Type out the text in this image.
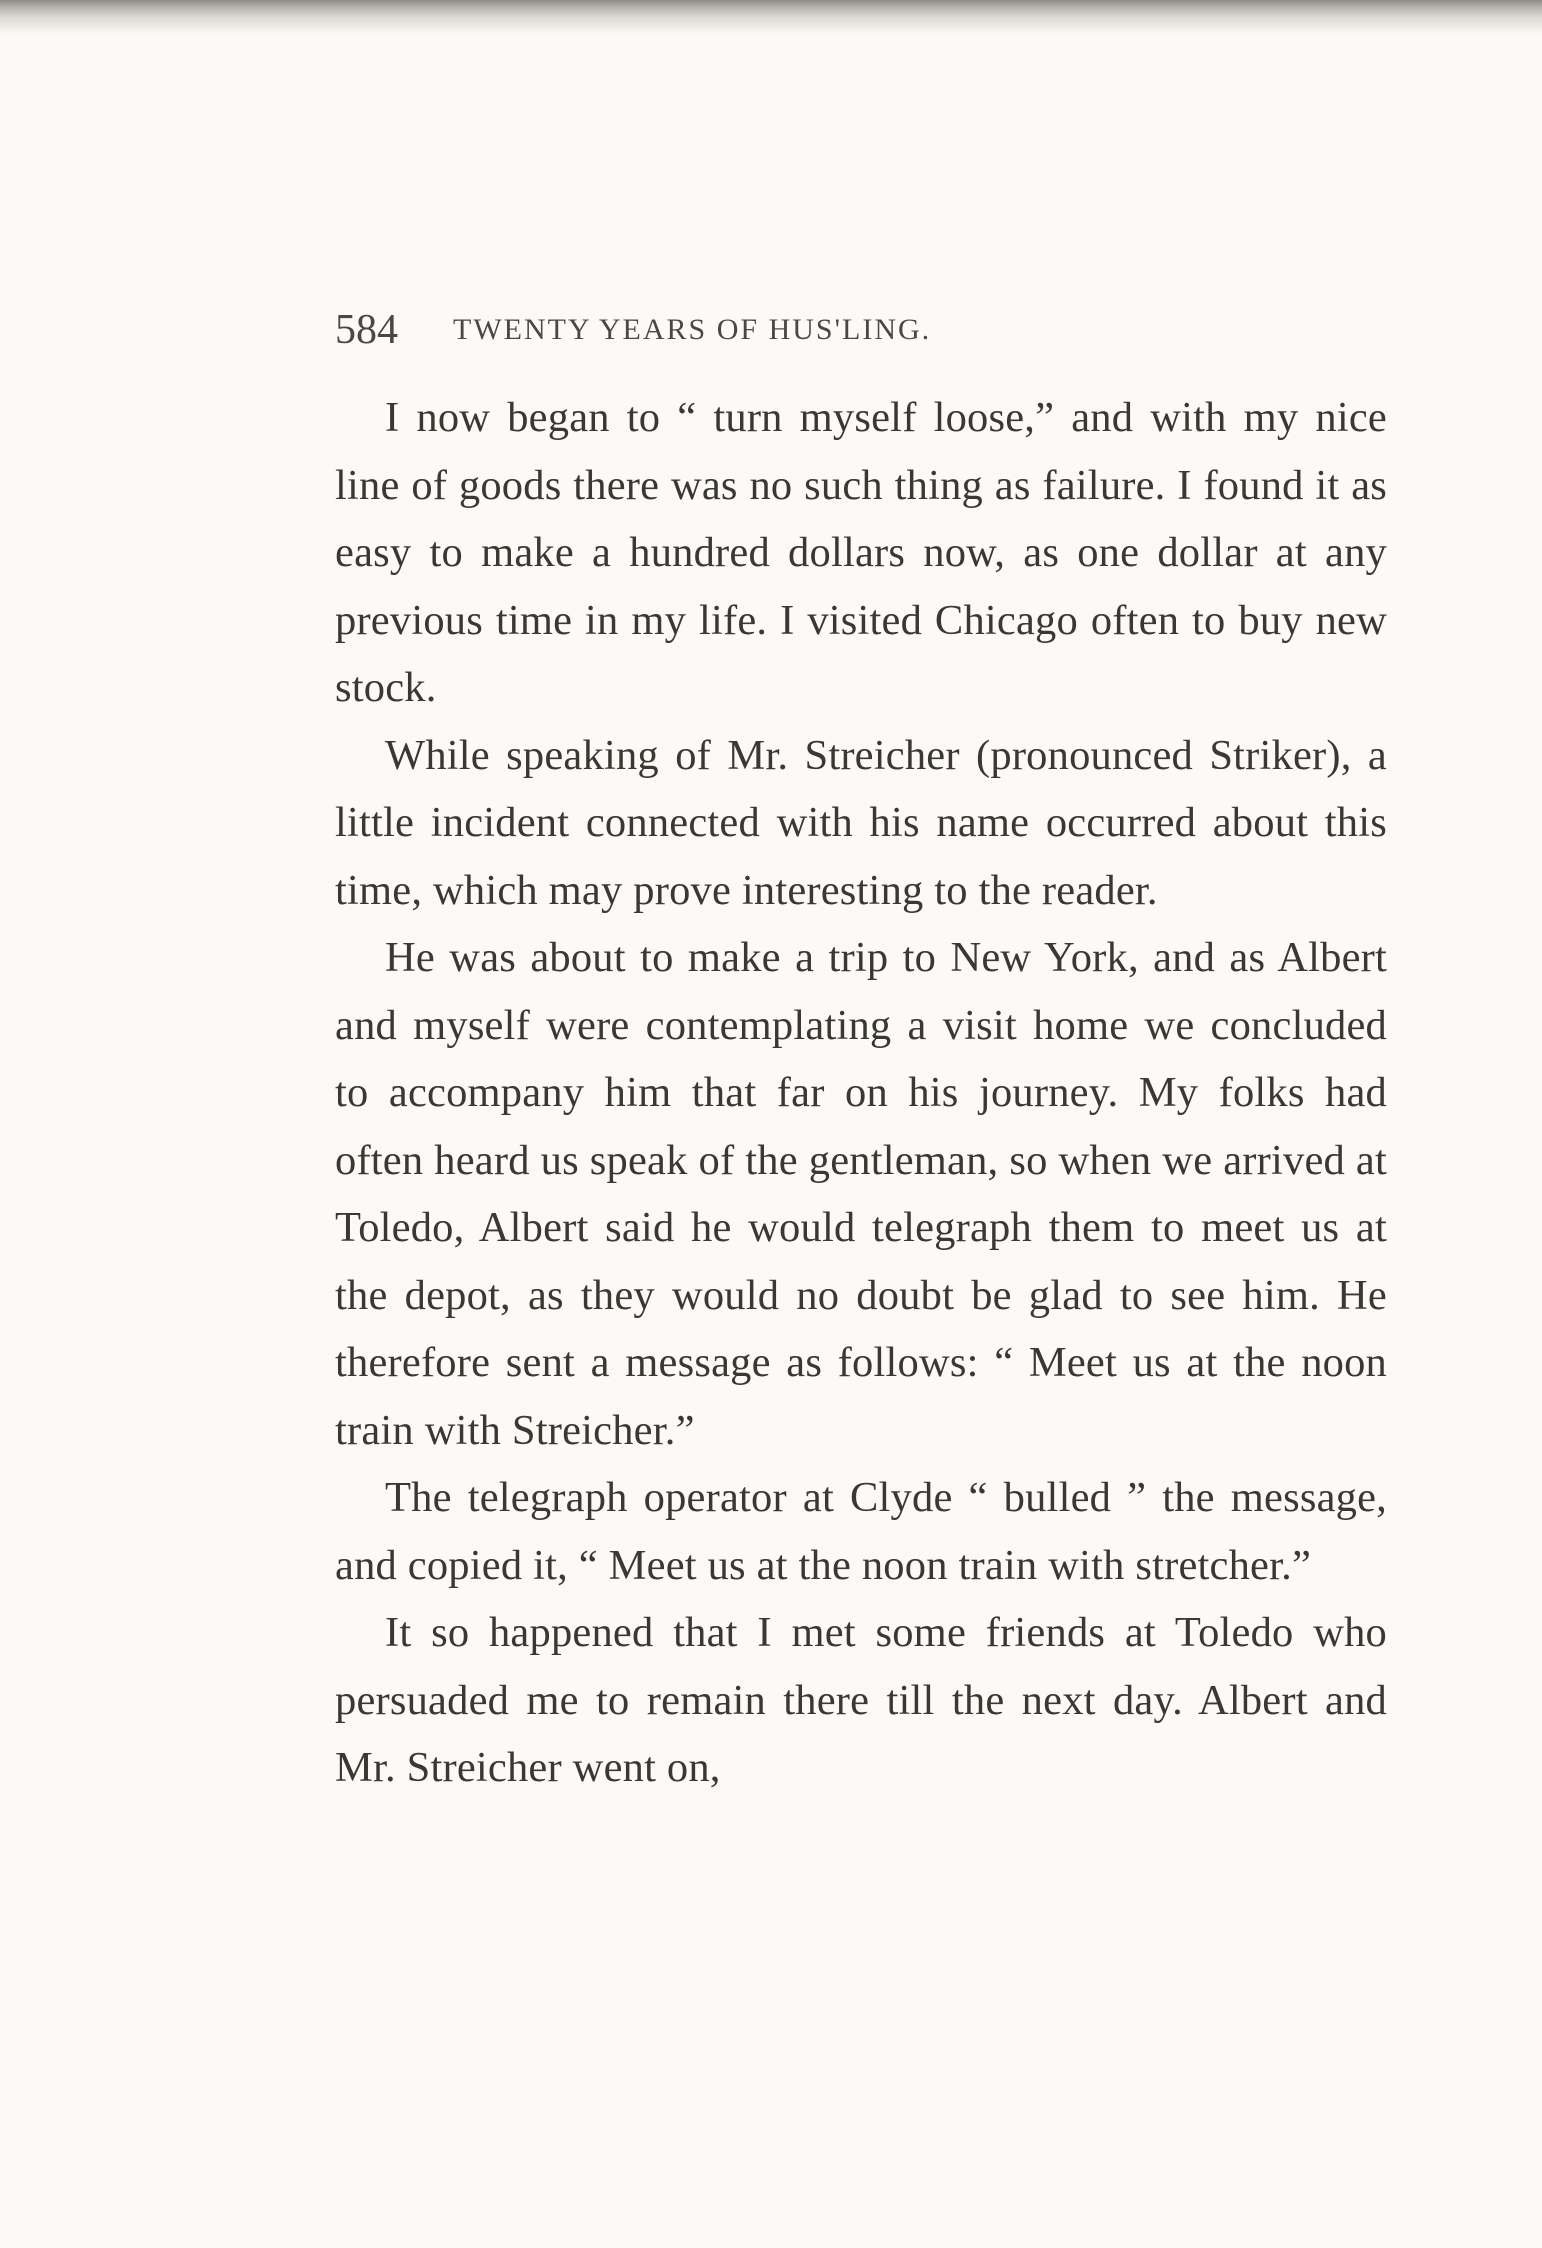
584 TWENTY YEARS OF HUS'LING.

I now began to “ turn myself loose,” and with my nice line of goods there was no such thing as failure. I found it as easy to make a hundred dollars now, as one dollar at any previous time in my life. I visited Chicago often to buy new stock.

While speaking of Mr. Streicher (pronounced Striker), a little incident connected with his name occurred about this time, which may prove interesting to the reader.

He was about to make a trip to New York, and as Albert and myself were contemplating a visit home we concluded to accompany him that far on his journey. My folks had often heard us speak of the gentleman, so when we arrived at Toledo, Albert said he would telegraph them to meet us at the depot, as they would no doubt be glad to see him. He therefore sent a message as follows: “ Meet us at the noon train with Streicher.”

The telegraph operator at Clyde “ bulled ” the message, and copied it, “ Meet us at the noon train with stretcher.”

It so happened that I met some friends at Toledo who persuaded me to remain there till the next day. Albert and Mr. Streicher went on,
